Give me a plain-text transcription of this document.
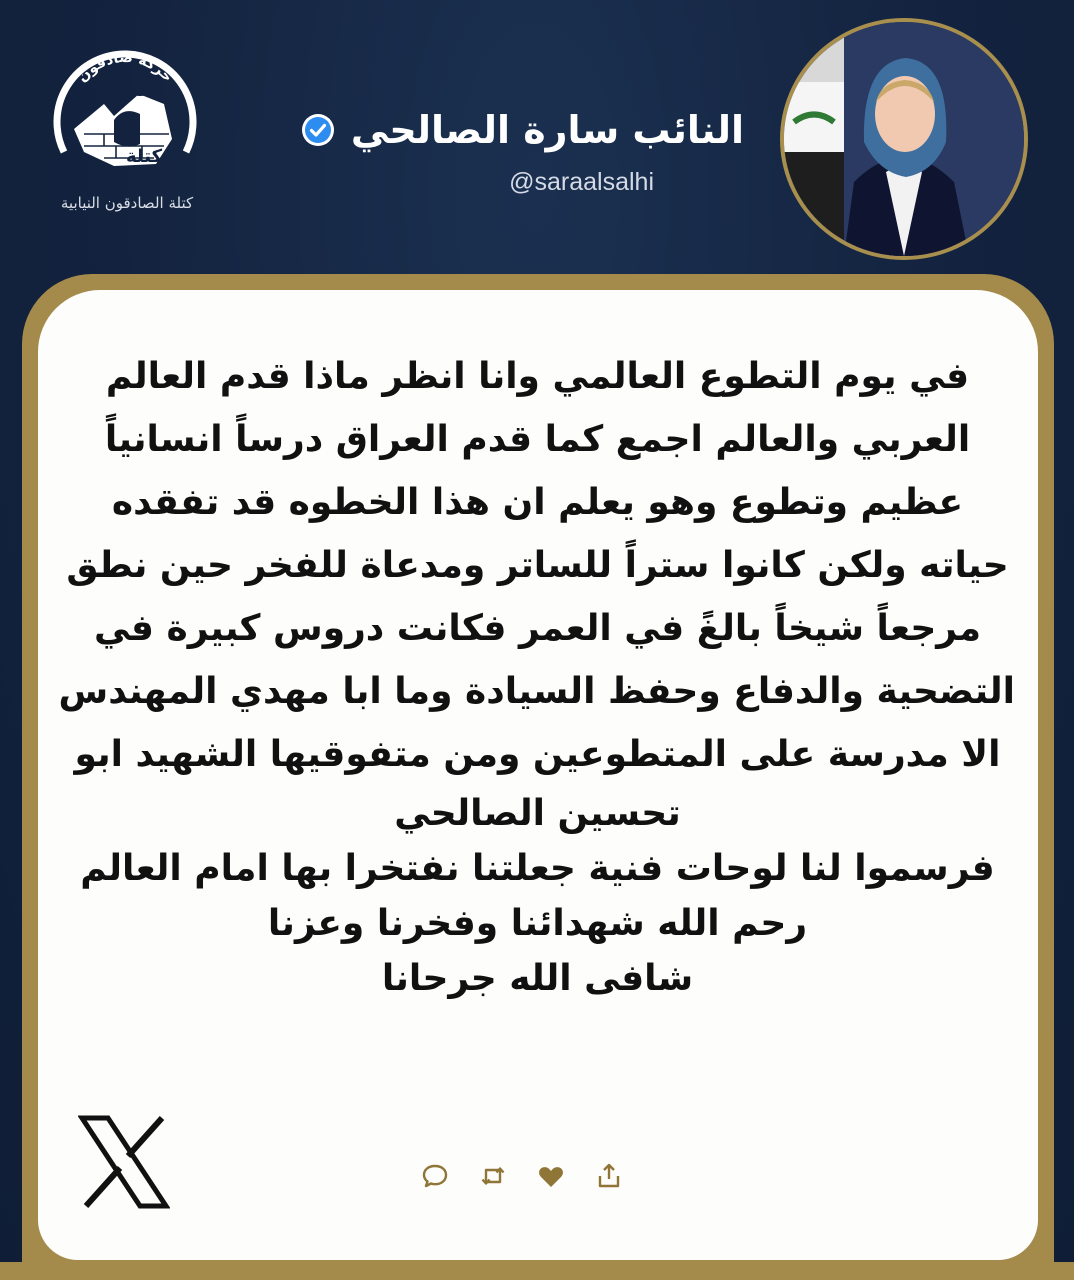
النائب سارة الصالحي
@saraalsalhi
حركة صادقون
حملة
كتلة
كتلة الصادقون النيابية
في يوم التطوع العالمي وانا انظر ماذا قدم العالم
العربي والعالم اجمع كما قدم العراق درساً انسانياً
عظيم وتطوع وهو يعلم ان هذا الخطوه قد تفقده
حياته ولكن كانوا ستراً للساتر ومدعاة للفخر حين نطق
مرجعاً شيخاً بالغً في العمر فكانت دروس كبيرة في
التضحية والدفاع وحفظ السيادة وما ابا مهدي المهندس
الا مدرسة على المتطوعين ومن متفوقيها الشهيد ابو
تحسين الصالحي
فرسموا لنا لوحات فنية جعلتنا نفتخرا بها امام العالم
رحم الله شهدائنا وفخرنا وعزنا
شافى الله جرحانا
